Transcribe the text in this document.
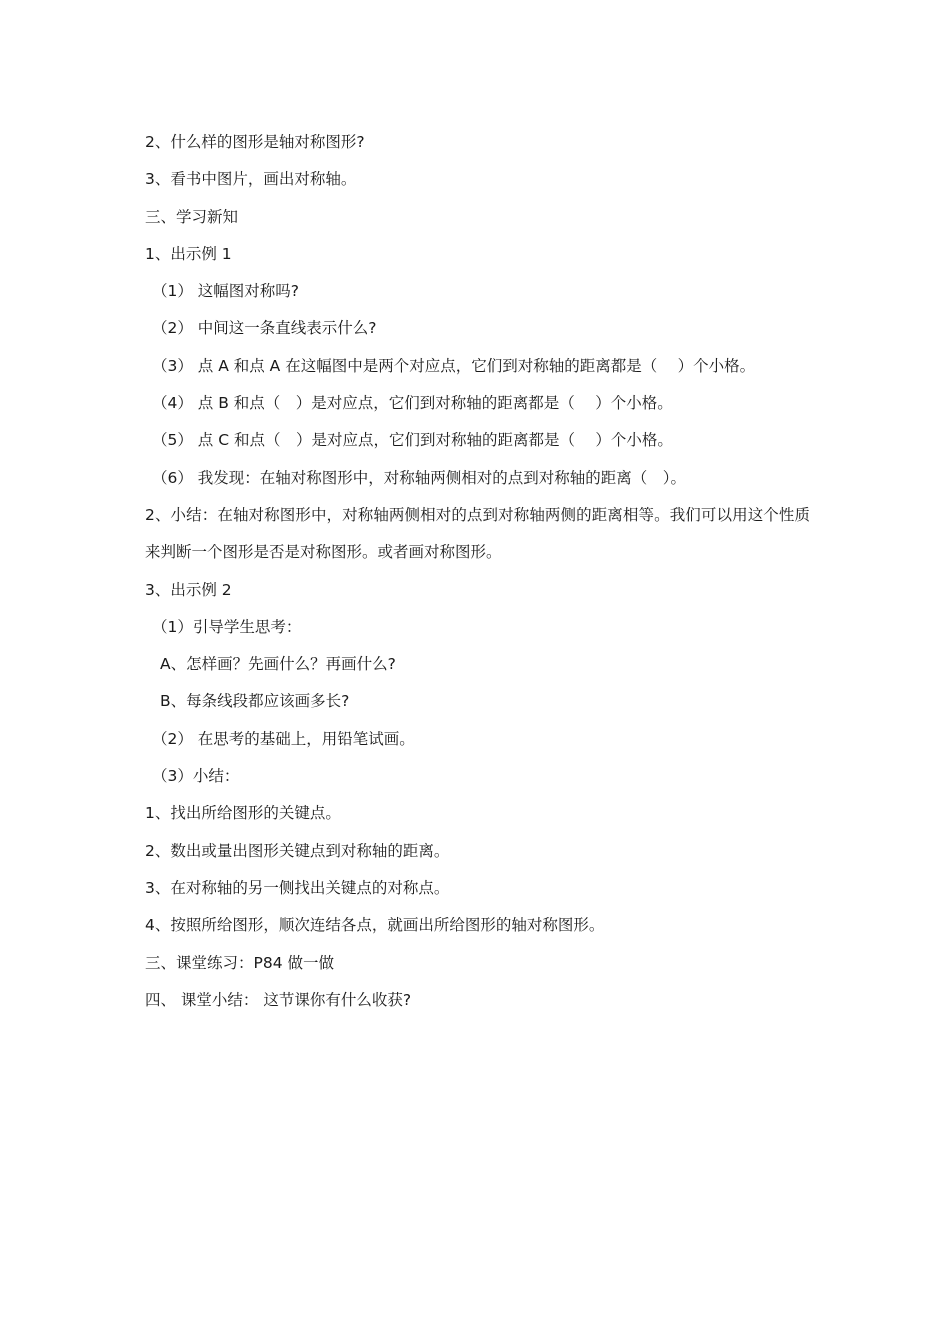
2、什么样的图形是轴对称图形?
3、看书中图片，画出对称轴。
三、学习新知
1、出示例 1
（1） 这幅图对称吗?
（2） 中间这一条直线表示什么?
（3） 点 A 和点 A 在这幅图中是两个对应点，它们到对称轴的距离都是（　 ）个小格。
（4） 点 B 和点（　）是对应点，它们到对称轴的距离都是（　 ）个小格。
（5） 点 C 和点（　）是对应点，它们到对称轴的距离都是（　 ）个小格。
（6） 我发现：在轴对称图形中，对称轴两侧相对的点到对称轴的距离（　）。
2、小结：在轴对称图形中，对称轴两侧相对的点到对称轴两侧的距离相等。我们可以用这个性质来判断一个图形是否是对称图形。或者画对称图形。
3、出示例 2
（1）引导学生思考：
A、怎样画？先画什么？再画什么?
B、每条线段都应该画多长?
（2） 在思考的基础上，用铅笔试画。
（3）小结：
1、找出所给图形的关键点。
2、数出或量出图形关键点到对称轴的距离。
3、在对称轴的另一侧找出关键点的对称点。
4、按照所给图形，顺次连结各点，就画出所给图形的轴对称图形。
三、课堂练习：P84 做一做
四、 课堂小结： 这节课你有什么收获?
